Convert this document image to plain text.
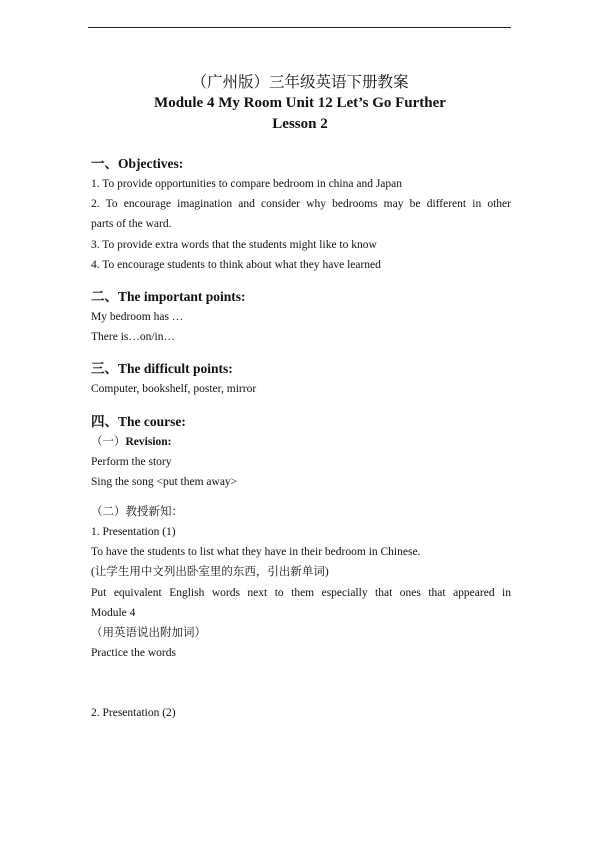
（广州版）三年级英语下册教案
Module 4 My Room Unit 12 Let’s Go Further
Lesson 2
一、Objectives:
1. To provide opportunities to compare bedroom in china and Japan
2. To encourage imagination and consider why bedrooms may be different in other
parts of the ward.
3. To provide extra words that the students might like to know
4. To encourage students to think about what they have learned
二、The important points:
My bedroom has …
There is…on/in…
三、The difficult points:
Computer, bookshelf, poster, mirror
四、The course:
（一）Revision:
Perform the story
Sing the song <put them away>
（二）教授新知：
1. Presentation (1)
To have the students to list what they have in their bedroom in Chinese.
(让学生用中文列出卧室里的东西，引出新单词)
Put equivalent English words next to them especially that ones that appeared in
Module 4
（用英语说出附加词）
Practice the words
2. Presentation (2)
